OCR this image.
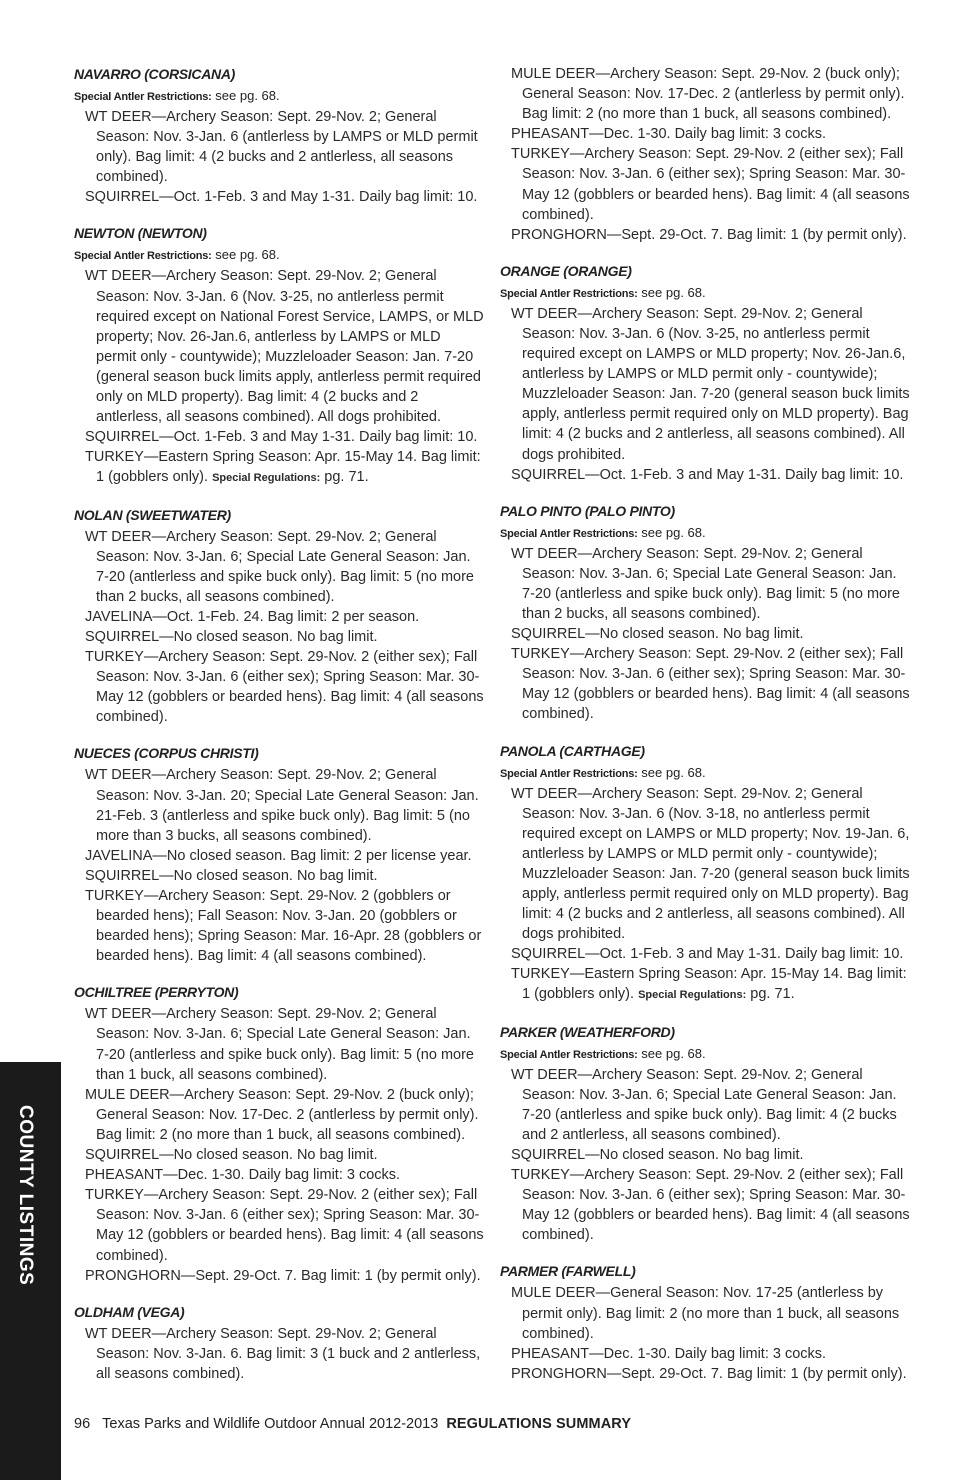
NAVARRO (CORSICANA)

Special Antler Restrictions: see pg. 68.

WT DEER—Archery Season: Sept. 29-Nov. 2; General Season: Nov. 3-Jan. 6 (antlerless by LAMPS or MLD permit only). Bag limit: 4 (2 bucks and 2 antlerless, all seasons combined).

SQUIRREL—Oct. 1-Feb. 3 and May 1-31. Daily bag limit: 10.

NEWTON (NEWTON)

Special Antler Restrictions: see pg. 68.

WT DEER—Archery Season: Sept. 29-Nov. 2; General Season: Nov. 3-Jan. 6 (Nov. 3-25, no antlerless permit required except on National Forest Service, LAMPS, or MLD property; Nov. 26-Jan.6, antlerless by LAMPS or MLD permit only - countywide); Muzzleloader Season: Jan. 7-20 (general season buck limits apply, antlerless permit required only on MLD property). Bag limit: 4 (2 bucks and 2 antlerless, all seasons combined). All dogs prohibited.

SQUIRREL—Oct. 1-Feb. 3 and May 1-31. Daily bag limit: 10.

TURKEY—Eastern Spring Season: Apr. 15-May 14. Bag limit: 1 (gobblers only). Special Regulations: pg. 71.

NOLAN (SWEETWATER)

WT DEER—Archery Season: Sept. 29-Nov. 2; General Season: Nov. 3-Jan. 6; Special Late General Season: Jan. 7-20 (antlerless and spike buck only). Bag limit: 5 (no more than 2 bucks, all seasons combined).

JAVELINA—Oct. 1-Feb. 24. Bag limit: 2 per season.

SQUIRREL—No closed season. No bag limit.

TURKEY—Archery Season: Sept. 29-Nov. 2 (either sex); Fall Season: Nov. 3-Jan. 6 (either sex); Spring Season: Mar. 30-May 12 (gobblers or bearded hens). Bag limit: 4 (all seasons combined).

NUECES (CORPUS CHRISTI)

WT DEER—Archery Season: Sept. 29-Nov. 2; General Season: Nov. 3-Jan. 20; Special Late General Season: Jan. 21-Feb. 3 (antlerless and spike buck only). Bag limit: 5 (no more than 3 bucks, all seasons combined).

JAVELINA—No closed season. Bag limit: 2 per license year.

SQUIRREL—No closed season. No bag limit.

TURKEY—Archery Season: Sept. 29-Nov. 2 (gobblers or bearded hens); Fall Season: Nov. 3-Jan. 20 (gobblers or bearded hens); Spring Season: Mar. 16-Apr. 28 (gobblers or bearded hens). Bag limit: 4 (all seasons combined).

OCHILTREE (PERRYTON)

WT DEER—Archery Season: Sept. 29-Nov. 2; General Season: Nov. 3-Jan. 6; Special Late General Season: Jan. 7-20 (antlerless and spike buck only). Bag limit: 5 (no more than 1 buck, all seasons combined).

MULE DEER—Archery Season: Sept. 29-Nov. 2 (buck only); General Season: Nov. 17-Dec. 2 (antlerless by permit only). Bag limit: 2 (no more than 1 buck, all seasons combined).

SQUIRREL—No closed season. No bag limit.

PHEASANT—Dec. 1-30. Daily bag limit: 3 cocks.

TURKEY—Archery Season: Sept. 29-Nov. 2 (either sex); Fall Season: Nov. 3-Jan. 6 (either sex); Spring Season: Mar. 30-May 12 (gobblers or bearded hens). Bag limit: 4 (all seasons combined).

PRONGHORN—Sept. 29-Oct. 7. Bag limit: 1 (by permit only).

OLDHAM (VEGA)

WT DEER—Archery Season: Sept. 29-Nov. 2; General Season: Nov. 3-Jan. 6. Bag limit: 3 (1 buck and 2 antlerless, all seasons combined).

MULE DEER—Archery Season: Sept. 29-Nov. 2 (buck only); General Season: Nov. 17-Dec. 2 (antlerless by permit only). Bag limit: 2 (no more than 1 buck, all seasons combined).

PHEASANT—Dec. 1-30. Daily bag limit: 3 cocks.

TURKEY—Archery Season: Sept. 29-Nov. 2 (either sex); Fall Season: Nov. 3-Jan. 6 (either sex); Spring Season: Mar. 30-May 12 (gobblers or bearded hens). Bag limit: 4 (all seasons combined).

PRONGHORN—Sept. 29-Oct. 7. Bag limit: 1 (by permit only).

ORANGE (ORANGE)

Special Antler Restrictions: see pg. 68.

WT DEER—Archery Season: Sept. 29-Nov. 2; General Season: Nov. 3-Jan. 6 (Nov. 3-25, no antlerless permit required except on LAMPS or MLD property; Nov. 26-Jan.6, antlerless by LAMPS or MLD permit only - countywide); Muzzleloader Season: Jan. 7-20 (general season buck limits apply, antlerless permit required only on MLD property). Bag limit: 4 (2 bucks and 2 antlerless, all seasons combined). All dogs prohibited.

SQUIRREL—Oct. 1-Feb. 3 and May 1-31. Daily bag limit: 10.

PALO PINTO (PALO PINTO)

Special Antler Restrictions: see pg. 68.

WT DEER—Archery Season: Sept. 29-Nov. 2; General Season: Nov. 3-Jan. 6; Special Late General Season: Jan. 7-20 (antlerless and spike buck only). Bag limit: 5 (no more than 2 bucks, all seasons combined).

SQUIRREL—No closed season. No bag limit.

TURKEY—Archery Season: Sept. 29-Nov. 2 (either sex); Fall Season: Nov. 3-Jan. 6 (either sex); Spring Season: Mar. 30-May 12 (gobblers or bearded hens). Bag limit: 4 (all seasons combined).

PANOLA (CARTHAGE)

Special Antler Restrictions: see pg. 68.

WT DEER—Archery Season: Sept. 29-Nov. 2; General Season: Nov. 3-Jan. 6 (Nov. 3-18, no antlerless permit required except on LAMPS or MLD property; Nov. 19-Jan. 6, antlerless by LAMPS or MLD permit only - countywide); Muzzleloader Season: Jan. 7-20 (general season buck limits apply, antlerless permit required only on MLD property). Bag limit: 4 (2 bucks and 2 antlerless, all seasons combined). All dogs prohibited.

SQUIRREL—Oct. 1-Feb. 3 and May 1-31. Daily bag limit: 10.

TURKEY—Eastern Spring Season: Apr. 15-May 14. Bag limit: 1 (gobblers only). Special Regulations: pg. 71.

PARKER (WEATHERFORD)

Special Antler Restrictions: see pg. 68.

WT DEER—Archery Season: Sept. 29-Nov. 2; General Season: Nov. 3-Jan. 6; Special Late General Season: Jan. 7-20 (antlerless and spike buck only). Bag limit: 4 (2 bucks and 2 antlerless, all seasons combined).

SQUIRREL—No closed season. No bag limit.

TURKEY—Archery Season: Sept. 29-Nov. 2 (either sex); Fall Season: Nov. 3-Jan. 6 (either sex); Spring Season: Mar. 30-May 12 (gobblers or bearded hens). Bag limit: 4 (all seasons combined).

PARMER (FARWELL)

MULE DEER—General Season: Nov. 17-25 (antlerless by permit only). Bag limit: 2 (no more than 1 buck, all seasons combined).

PHEASANT—Dec. 1-30. Daily bag limit: 3 cocks.

PRONGHORN—Sept. 29-Oct. 7. Bag limit: 1 (by permit only).

COUNTY LISTINGS
96 Texas Parks and Wildlife Outdoor Annual 2012-2013 REGULATIONS SUMMARY
